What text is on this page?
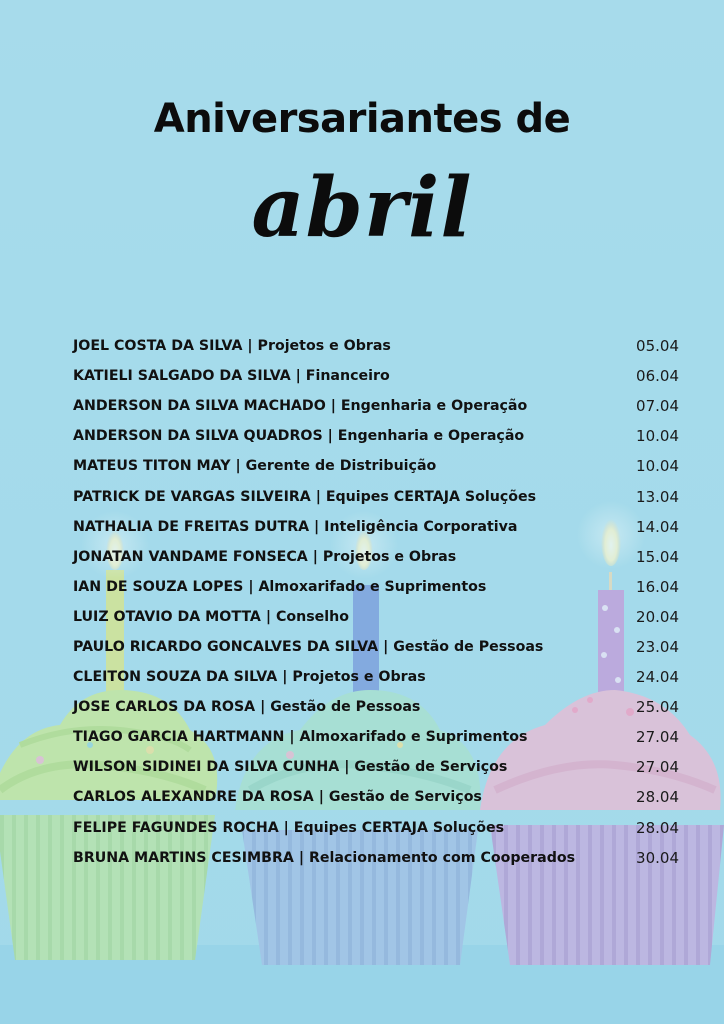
Aniversariantes de
abril
JOEL COSTA DA SILVA | Projetos e Obras	05.04
KATIELI SALGADO DA SILVA | Financeiro	06.04
ANDERSON DA SILVA MACHADO | Engenharia e Operação	07.04
ANDERSON DA SILVA QUADROS | Engenharia e Operação	10.04
MATEUS TITON MAY | Gerente de Distribuição	10.04
PATRICK DE VARGAS SILVEIRA | Equipes CERTAJA Soluções	13.04
NATHALIA DE FREITAS DUTRA | Inteligência Corporativa	14.04
JONATAN VANDAME FONSECA | Projetos e Obras	15.04
IAN DE SOUZA LOPES | Almoxarifado e Suprimentos	16.04
LUIZ OTAVIO DA MOTTA | Conselho	20.04
PAULO RICARDO GONCALVES DA SILVA | Gestão de Pessoas	23.04
CLEITON SOUZA DA SILVA | Projetos e Obras	24.04
JOSE CARLOS DA ROSA | Gestão de Pessoas	25.04
TIAGO GARCIA HARTMANN | Almoxarifado e Suprimentos	27.04
WILSON SIDINEI DA SILVA CUNHA | Gestão de Serviços	27.04
CARLOS ALEXANDRE DA ROSA | Gestão de Serviços	28.04
FELIPE FAGUNDES ROCHA | Equipes CERTAJA Soluções	28.04
BRUNA MARTINS CESIMBRA | Relacionamento com Cooperados	30.04
